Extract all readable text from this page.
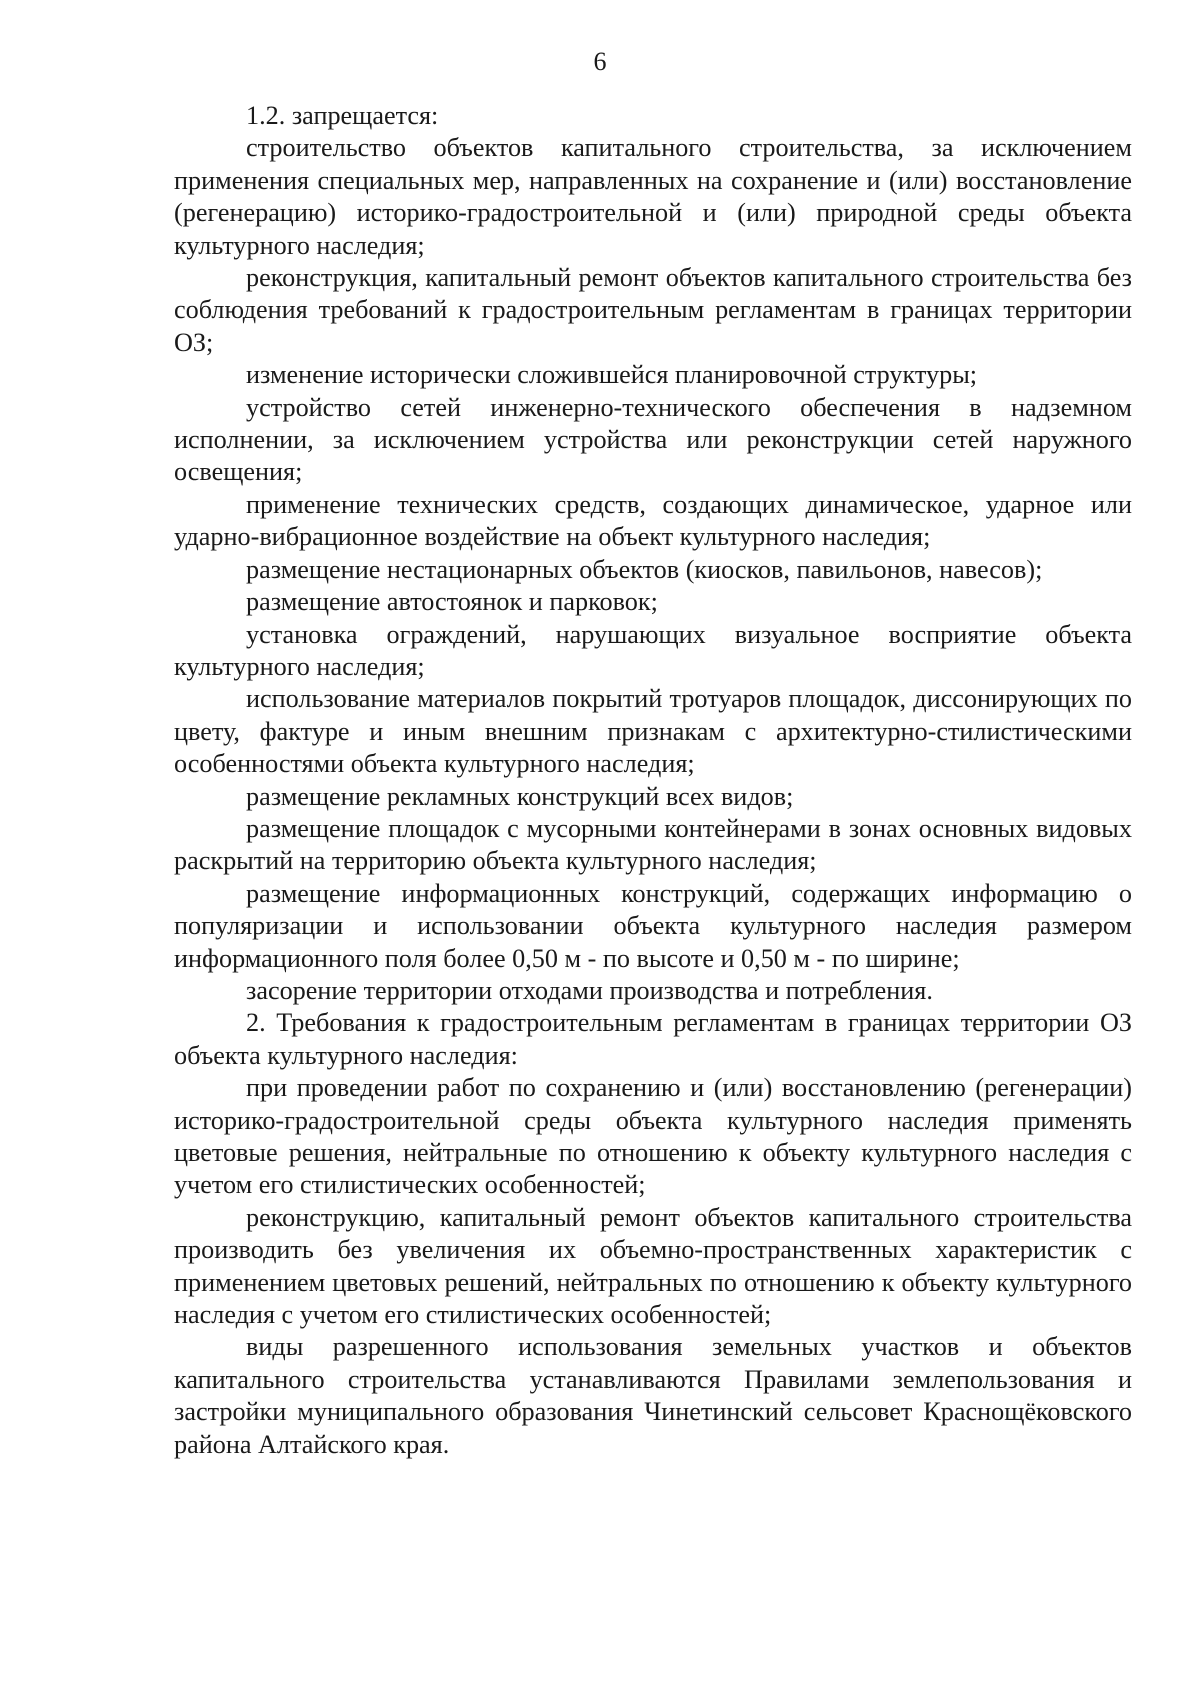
6

1.2. запрещается:

строительство объектов капитального строительства, за исключением применения специальных мер, направленных на сохранение и (или) восстановление (регенерацию) историко-градостроительной и (или) природной среды объекта культурного наследия;

реконструкция, капитальный ремонт объектов капитального строительства без соблюдения требований к градостроительным регламентам в границах территории ОЗ;

изменение исторически сложившейся планировочной структуры;

устройство сетей инженерно-технического обеспечения в надземном исполнении, за исключением устройства или реконструкции сетей наружного освещения;

применение технических средств, создающих динамическое, ударное или ударно-вибрационное воздействие на объект культурного наследия;

размещение нестационарных объектов (киосков, павильонов, навесов);

размещение автостоянок и парковок;

установка ограждений, нарушающих визуальное восприятие объекта культурного наследия;

использование материалов покрытий тротуаров площадок, диссонирующих по цвету, фактуре и иным внешним признакам с архитектурно-стилистическими особенностями объекта культурного наследия;

размещение рекламных конструкций всех видов;

размещение площадок с мусорными контейнерами в зонах основных видовых раскрытий на территорию объекта культурного наследия;

размещение информационных конструкций, содержащих информацию о популяризации и использовании объекта культурного наследия размером информационного поля более 0,50 м - по высоте и 0,50 м - по ширине;

засорение территории отходами производства и потребления.

2. Требования к градостроительным регламентам в границах территории ОЗ объекта культурного наследия:

при проведении работ по сохранению и (или) восстановлению (регенерации) историко-градостроительной среды объекта культурного наследия применять цветовые решения, нейтральные по отношению к объекту культурного наследия с учетом его стилистических особенностей;

реконструкцию, капитальный ремонт объектов капитального строительства производить без увеличения их объемно-пространственных характеристик с применением цветовых решений, нейтральных по отношению к объекту культурного наследия с учетом его стилистических особенностей;

виды разрешенного использования земельных участков и объектов капитального строительства устанавливаются Правилами землепользования и застройки муниципального образования Чинетинский сельсовет Краснощёковского района Алтайского края.
